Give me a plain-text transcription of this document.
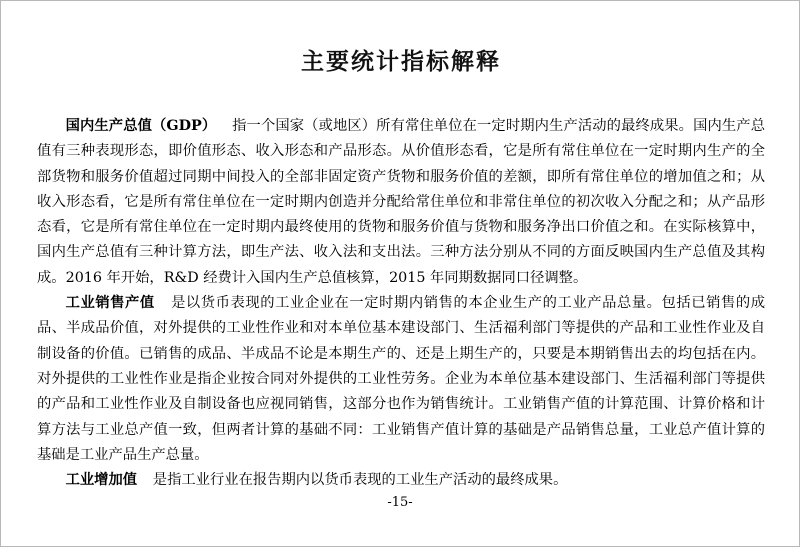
主要统计指标解释

国内生产总值（GDP） 指一个国家（或地区）所有常住单位在一定时期内生产活动的最终成果。国内生产总值有三种表现形态，即价值形态、收入形态和产品形态。从价值形态看，它是所有常住单位在一定时期内生产的全部货物和服务价值超过同期中间投入的全部非固定资产货物和服务价值的差额，即所有常住单位的增加值之和；从收入形态看，它是所有常住单位在一定时期内创造并分配给常住单位和非常住单位的初次收入分配之和；从产品形态看，它是所有常住单位在一定时期内最终使用的货物和服务价值与货物和服务净出口价值之和。在实际核算中，国内生产总值有三种计算方法，即生产法、收入法和支出法。三种方法分别从不同的方面反映国内生产总值及其构成。2016 年开始，R&D 经费计入国内生产总值核算，2015 年同期数据同口径调整。

工业销售产值 是以货币表现的工业企业在一定时期内销售的本企业生产的工业产品总量。包括已销售的成品、半成品价值，对外提供的工业性作业和对本单位基本建设部门、生活福利部门等提供的产品和工业性作业及自制设备的价值。已销售的成品、半成品不论是本期生产的、还是上期生产的，只要是本期销售出去的均包括在内。对外提供的工业性作业是指企业按合同对外提供的工业性劳务。企业为本单位基本建设部门、生活福利部门等提供的产品和工业性作业及自制设备也应视同销售，这部分也作为销售统计。工业销售产值的计算范围、计算价格和计算方法与工业总产值一致，但两者计算的基础不同：工业销售产值计算的基础是产品销售总量，工业总产值计算的基础是工业产品生产总量。

工业增加值 是指工业行业在报告期内以货币表现的工业生产活动的最终成果。

-15-
